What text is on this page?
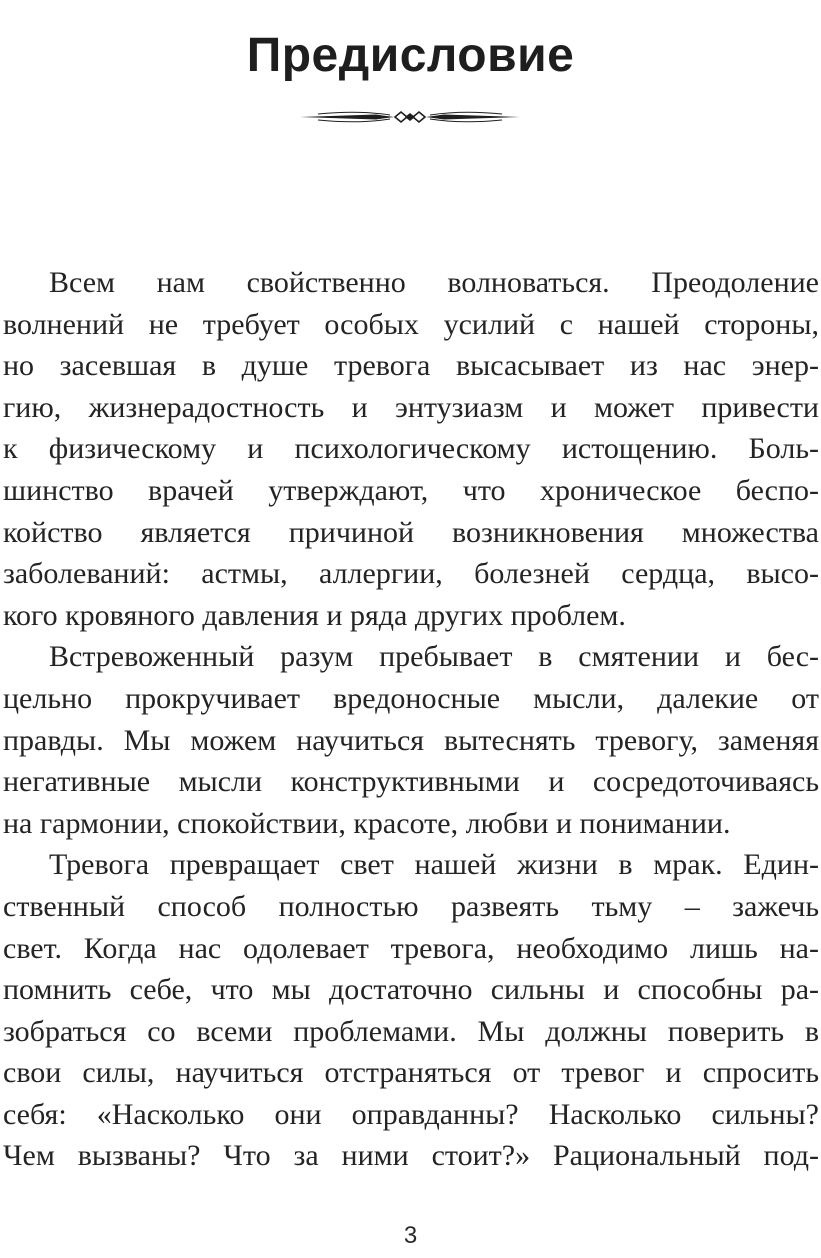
Предисловие

Всем нам свойственно волноваться. Преодоление
волнений не требует особых усилий с нашей стороны,
но засевшая в душе тревога высасывает из нас энер-
гию, жизнерадостность и энтузиазм и может привести
к физическому и психологическому истощению. Боль-
шинство врачей утверждают, что хроническое беспо-
койство является причиной возникновения множества
заболеваний: астмы, аллергии, болезней сердца, высо-
кого кровяного давления и ряда других проблем.

Встревоженный разум пребывает в смятении и бес-
цельно прокручивает вредоносные мысли, далекие от
правды. Мы можем научиться вытеснять тревогу, заменяя
негативные мысли конструктивными и сосредоточиваясь
на гармонии, спокойствии, красоте, любви и понимании.

Тревога превращает свет нашей жизни в мрак. Един-
ственный способ полностью развеять тьму – зажечь
свет. Когда нас одолевает тревога, необходимо лишь на-
помнить себе, что мы достаточно сильны и способны ра-
зобраться со всеми проблемами. Мы должны поверить в
свои силы, научиться отстраняться от тревог и спросить
себя: «Насколько они оправданны? Насколько сильны?
Чем вызваны? Что за ними стоит?» Рациональный под-

3
